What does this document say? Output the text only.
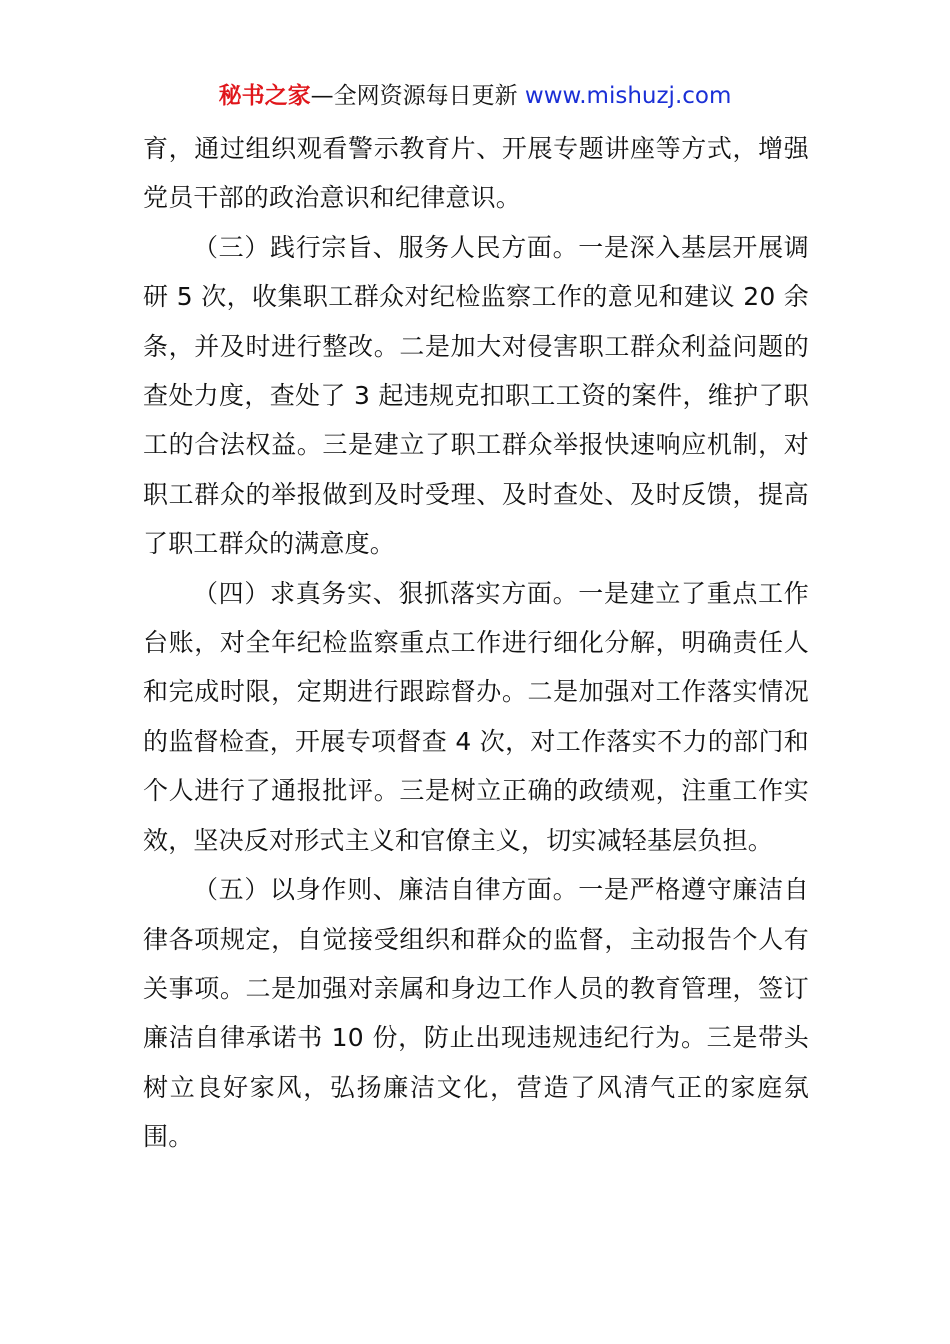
秘书之家—全网资源每日更新 www.mishuzj.com

育，通过组织观看警示教育片、开展专题讲座等方式，增强党员干部的政治意识和纪律意识。

（三）践行宗旨、服务人民方面。一是深入基层开展调研 5 次，收集职工群众对纪检监察工作的意见和建议 20 余条，并及时进行整改。二是加大对侵害职工群众利益问题的查处力度，查处了 3 起违规克扣职工工资的案件，维护了职工的合法权益。三是建立了职工群众举报快速响应机制，对职工群众的举报做到及时受理、及时查处、及时反馈，提高了职工群众的满意度。

（四）求真务实、狠抓落实方面。一是建立了重点工作台账，对全年纪检监察重点工作进行细化分解，明确责任人和完成时限，定期进行跟踪督办。二是加强对工作落实情况的监督检查，开展专项督查 4 次，对工作落实不力的部门和个人进行了通报批评。三是树立正确的政绩观，注重工作实效，坚决反对形式主义和官僚主义，切实减轻基层负担。

（五）以身作则、廉洁自律方面。一是严格遵守廉洁自律各项规定，自觉接受组织和群众的监督，主动报告个人有关事项。二是加强对亲属和身边工作人员的教育管理，签订廉洁自律承诺书 10 份，防止出现违规违纪行为。三是带头树立良好家风，弘扬廉洁文化，营造了风清气正的家庭氛围。
